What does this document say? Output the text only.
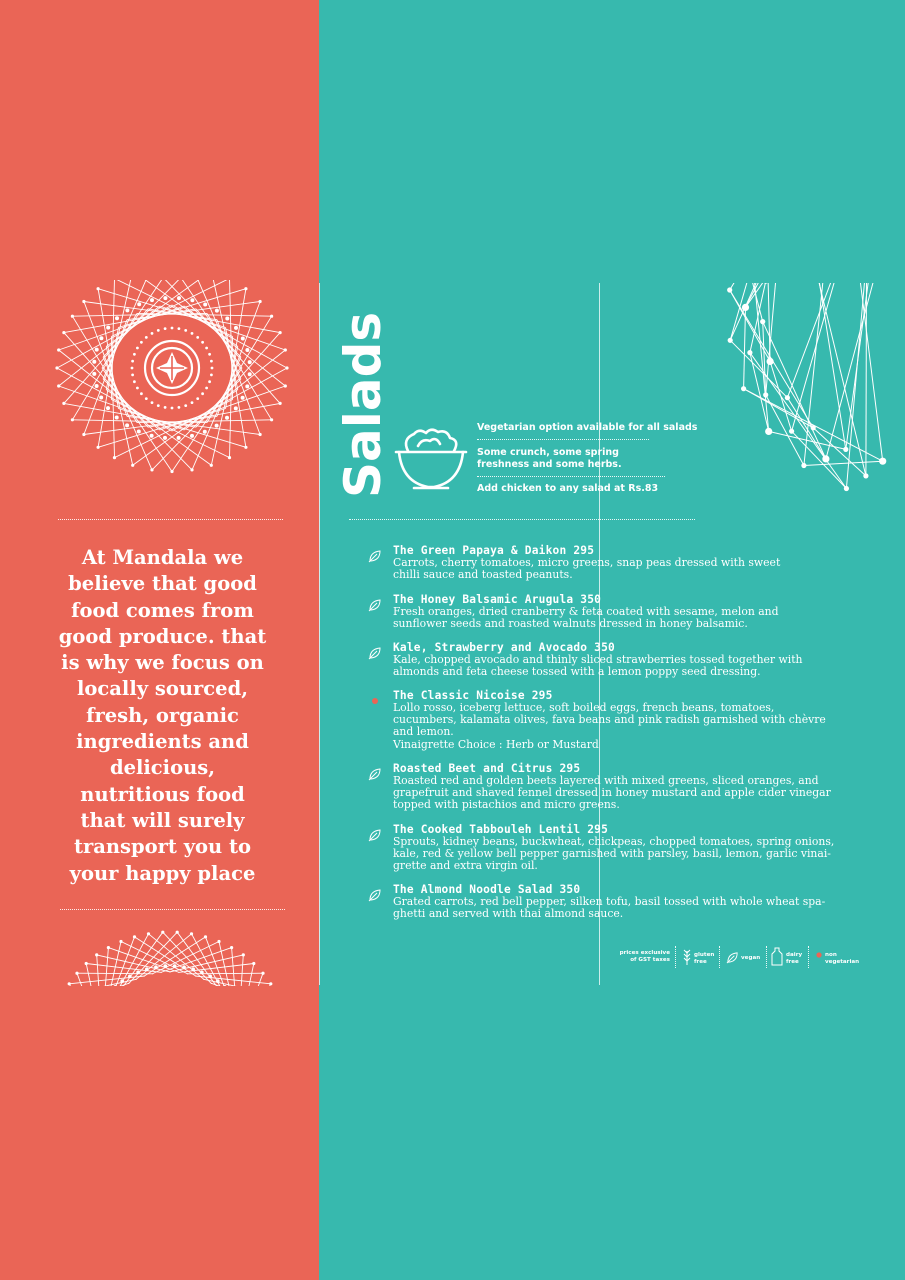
At Mandala we believe that good food comes from good produce. that is why we focus on locally sourced, fresh, organic ingredients and delicious, nutritious food that will surely transport you to your happy place

Salads	Vegetarian option available for all salads

Some crunch, some spring

freshness and some herbs.

Add chicken to any salad at Rs.83

The Green Papaya & Daikon 295
Carrots, cherry tomatoes, micro greens, snap peas dressed with sweet
chilli sauce and toasted peanuts.
The Honey Balsamic Arugula 350
Fresh oranges, dried cranberry & feta coated with sesame, melon and
sunflower seeds and roasted walnuts dressed in honey balsamic.
Kale, Strawberry and Avocado 350
Kale, chopped avocado and thinly sliced strawberries tossed together with
almonds and feta cheese tossed with a lemon poppy seed dressing.
The Classic Nicoise 295
Lollo rosso, iceberg lettuce, soft boiled eggs, french beans, tomatoes,
cucumbers, kalamata olives, fava beans and pink radish garnished with chèvre
and lemon.
Vinaigrette Choice : Herb or Mustard
Roasted Beet and Citrus 295
Roasted red and golden beets layered with mixed greens, sliced oranges, and
grapefruit and shaved fennel dressed in honey mustard and apple cider vinegar
topped with pistachios and micro greens.
The Cooked Tabbouleh Lentil 295
Sprouts, kidney beans, buckwheat, chickpeas, chopped tomatoes, spring onions,
kale, red & yellow bell pepper garnished with parsley, basil, lemon, garlic vinai-
grette and extra virgin oil.
The Almond Noodle Salad 350
Grated carrots, red bell pepper, silken tofu, basil tossed with whole wheat spa-
ghetti and served with thai almond sauce.
prices exclusive
of GST taxes
gluten
free
vegan	dairy
free
non
vegetarian
